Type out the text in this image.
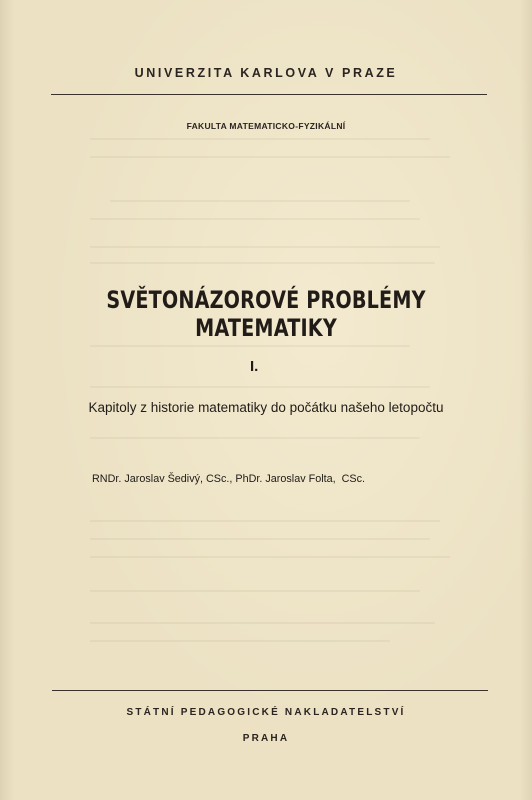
UNIVERZITA KARLOVA V PRAZE
FAKULTA MATEMATICKO-FYZIKÁLNÍ
SVĚTONÁZOROVÉ PROBLÉMY MATEMATIKY
I.
Kapitoly z historie matematiky do počátku našeho letopočtu
RNDr. Jaroslav Šedivý, CSc., PhDr. Jaroslav Folta,  CSc.
STÁTNÍ PEDAGOGICKÉ NAKLADATELSTVÍ
PRAHA
